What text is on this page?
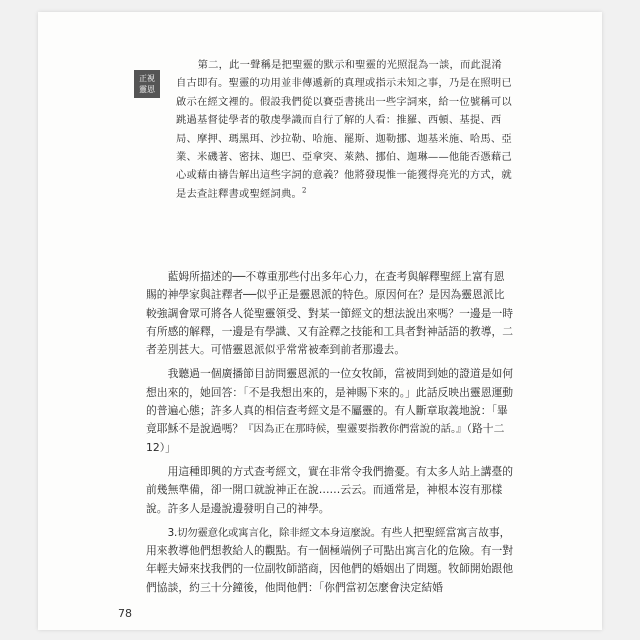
正視
靈恩

第二，此一聲稱是把聖靈的默示和聖靈的光照混為一談，而此混淆自古即有。聖靈的功用並非傳遞新的真理或指示未知之事，乃是在照明已啟示在經文裡的。假設我們從以賽亞書挑出一些字詞來，給一位號稱可以跳過基督徒學者的敬虔學識而自行了解的人看：推羅、西頓、基提、西局、摩押、瑪黑珥、沙拉勒、哈施、罷斯、迦勒挪、迦基米施、哈馬、亞業、米磯著、密抹、迦巴、亞拿突、萊熱、挪伯、迦琳——他能否憑藉己心或藉由禱告解出這些字詞的意義？他將發現惟一能獲得亮光的方式，就是去查註釋書或聖經詞典。$^2$

藍姆所描述的──不尊重那些付出多年心力，在查考與解釋聖經上富有恩賜的神學家與註釋者──似乎正是靈恩派的特色。原因何在？是因為靈恩派比較強調會眾可將各人從聖靈領受、對某一節經文的想法說出來嗎？一邊是一時有所感的解釋，一邊是有學識、又有詮釋之技能和工具者對神話語的教導，二者差別甚大。可惜靈恩派似乎常常被牽到前者那邊去。

我聽過一個廣播節目訪問靈恩派的一位女牧師，當被問到她的證道是如何想出來的，她回答：「不是我想出來的，是神賜下來的。」此話反映出靈恩運動的普遍心態；許多人真的相信查考經文是不屬靈的。有人斷章取義地說：「畢竟耶穌不是說過嗎？『因為正在那時候，聖靈要指教你們當說的話。』（路十二12）」

用這種即興的方式查考經文，實在非常令我們擔憂。有太多人站上講臺的前幾無準備，卻一開口就說神正在說……云云。而通常是，神根本沒有那樣說。許多人是邊說邊發明自己的神學。

3.切勿靈意化或寓言化，除非經文本身這麼說。有些人把聖經當寓言故事，用來教導他們想教給人的觀點。有一個極端例子可點出寓言化的危險。有一對年輕夫婦來找我們的一位副牧師諮商，因他們的婚姻出了問題。牧師開始跟他們協談，約三十分鐘後，他問他們：「你們當初怎麼會決定結婚

78
